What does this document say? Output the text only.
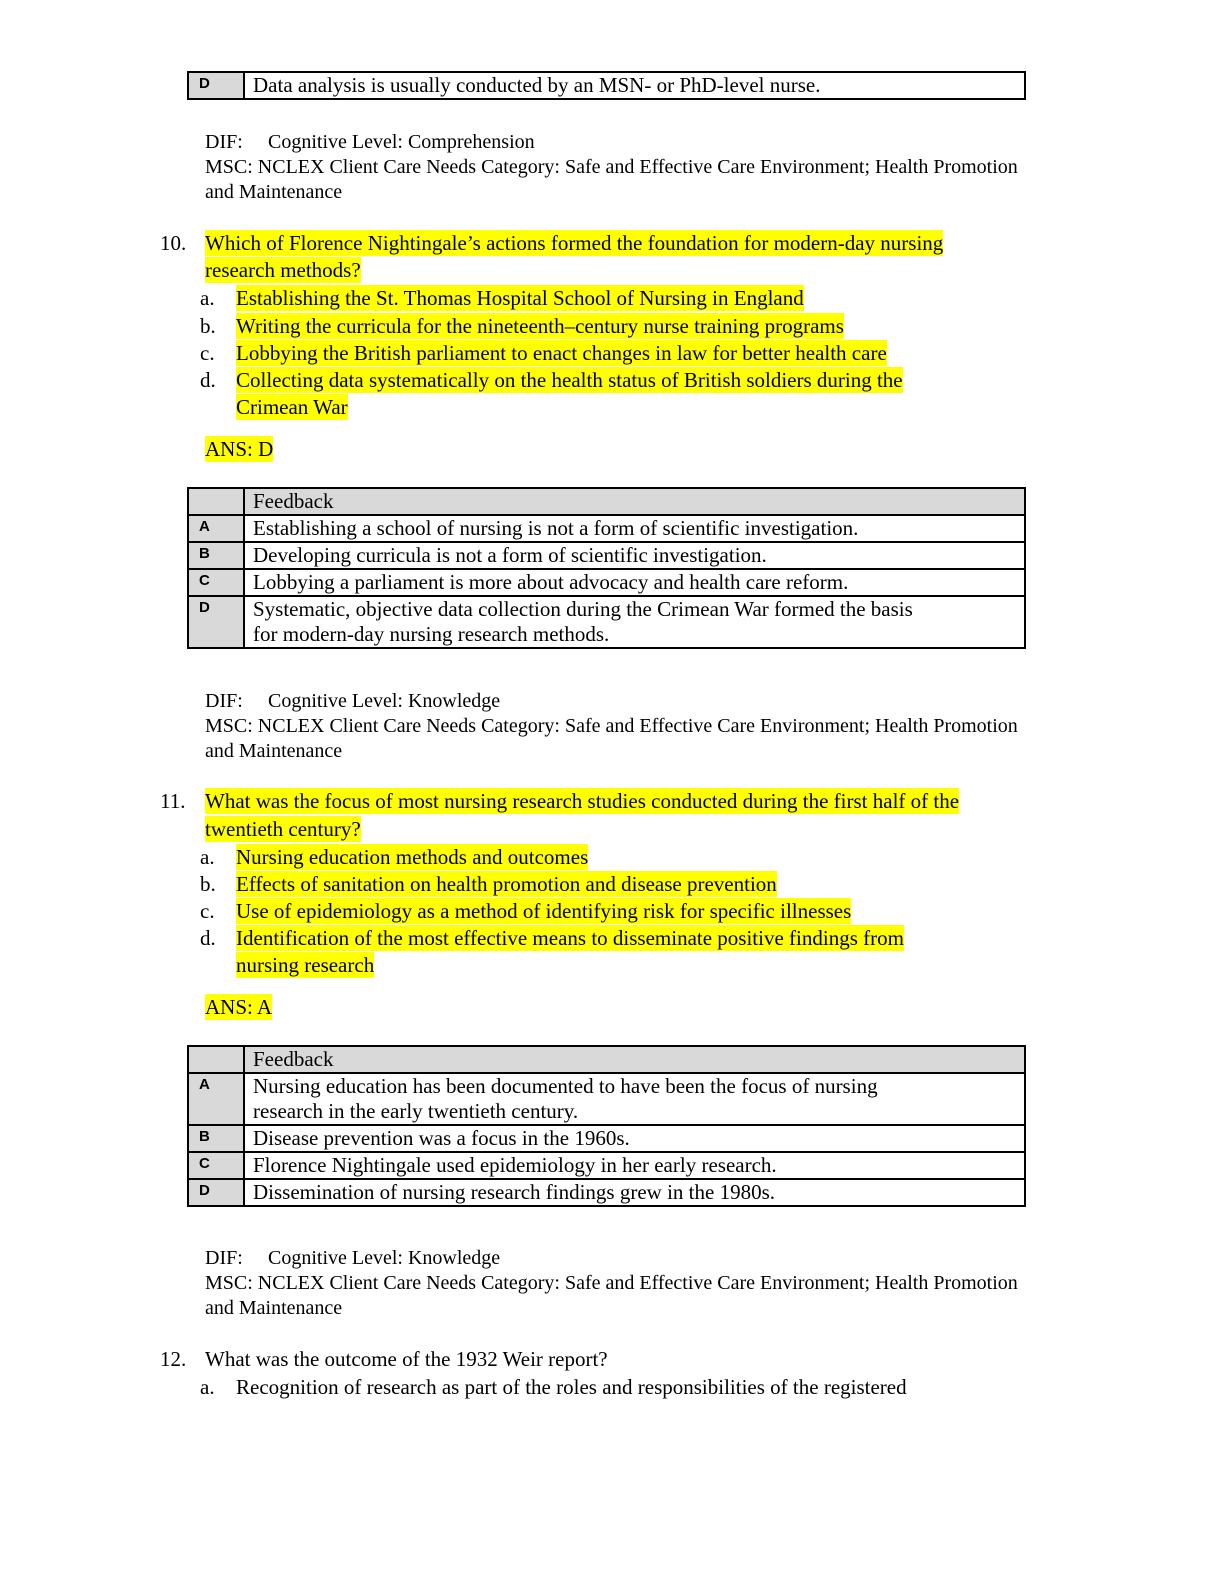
D	Data analysis is usually conducted by an MSN- or PhD-level nurse.
DIF: Cognitive Level: Comprehension
MSC: NCLEX Client Care Needs Category: Safe and Effective Care Environment; Health Promotion
and Maintenance
10. Which of Florence Nightingale’s actions formed the foundation for modern-day nursing
research methods?
a. Establishing the St. Thomas Hospital School of Nursing in England
b. Writing the curricula for the nineteenth–century nurse training programs
c. Lobbying the British parliament to enact changes in law for better health care
d. Collecting data systematically on the health status of British soldiers during the
Crimean War
ANS: D
	Feedback
A	Establishing a school of nursing is not a form of scientific investigation.
B	Developing curricula is not a form of scientific investigation.
C	Lobbying a parliament is more about advocacy and health care reform.
D	Systematic, objective data collection during the Crimean War formed the basis
for modern-day nursing research methods.
DIF: Cognitive Level: Knowledge
MSC: NCLEX Client Care Needs Category: Safe and Effective Care Environment; Health Promotion
and Maintenance
11. What was the focus of most nursing research studies conducted during the first half of the
twentieth century?
a. Nursing education methods and outcomes
b. Effects of sanitation on health promotion and disease prevention
c. Use of epidemiology as a method of identifying risk for specific illnesses
d. Identification of the most effective means to disseminate positive findings from
nursing research
ANS: A
	Feedback
A	Nursing education has been documented to have been the focus of nursing
research in the early twentieth century.
B	Disease prevention was a focus in the 1960s.
C	Florence Nightingale used epidemiology in her early research.
D	Dissemination of nursing research findings grew in the 1980s.
DIF: Cognitive Level: Knowledge
MSC: NCLEX Client Care Needs Category: Safe and Effective Care Environment; Health Promotion
and Maintenance
12. What was the outcome of the 1932 Weir report?
a. Recognition of research as part of the roles and responsibilities of the registered
